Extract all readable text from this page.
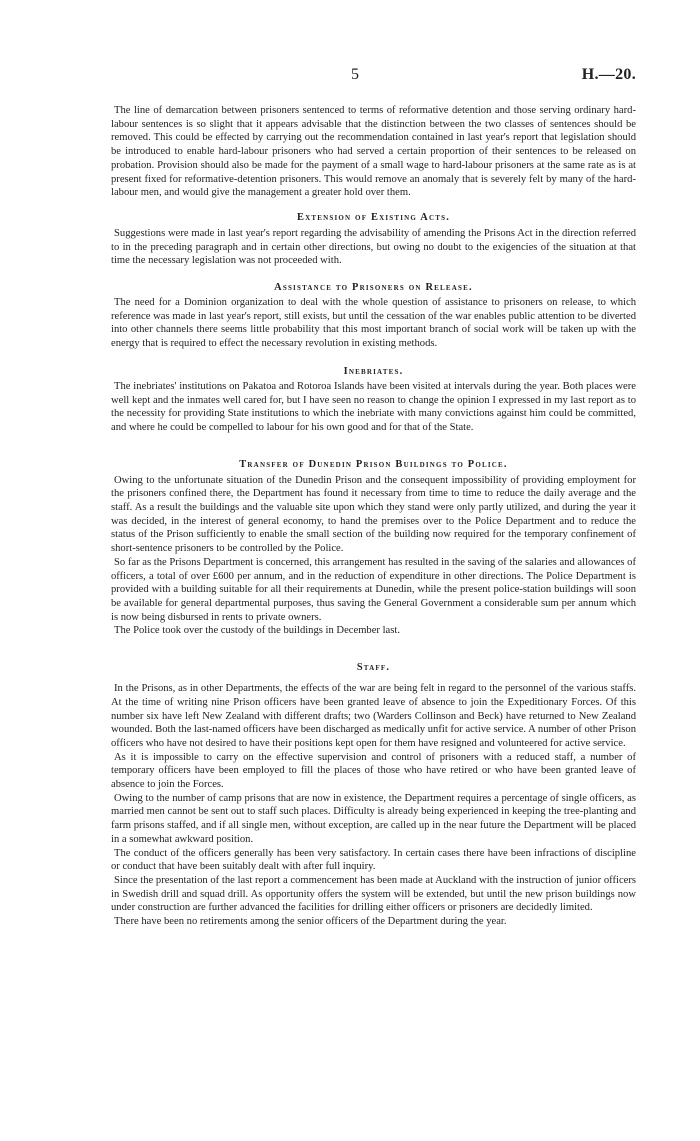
5	H.—20.

The line of demarcation between prisoners sentenced to terms of reformative detention and those serving ordinary hard-labour sentences is so slight that it appears advisable that the distinction between the two classes of sentences should be removed. This could be effected by carrying out the recommendation contained in last year's report that legislation should be introduced to enable hard-labour prisoners who had served a certain proportion of their sentences to be released on probation. Provision should also be made for the payment of a small wage to hard-labour prisoners at the same rate as is at present fixed for reformative-detention prisoners. This would remove an anomaly that is severely felt by many of the hard-labour men, and would give the management a greater hold over them.

Extension of Existing Acts.

Suggestions were made in last year's report regarding the advisability of amending the Prisons Act in the direction referred to in the preceding paragraph and in certain other directions, but owing no doubt to the exigencies of the situation at that time the necessary legislation was not proceeded with.

Assistance to Prisoners on Release.

The need for a Dominion organization to deal with the whole question of assistance to prisoners on release, to which reference was made in last year's report, still exists, but until the cessation of the war enables public attention to be diverted into other channels there seems little probability that this most important branch of social work will be taken up with the energy that is required to effect the necessary revolution in existing methods.

Inebriates.

The inebriates' institutions on Pakatoa and Rotoroa Islands have been visited at intervals during the year. Both places were well kept and the inmates well cared for, but I have seen no reason to change the opinion I expressed in my last report as to the necessity for providing State institutions to which the inebriate with many convictions against him could be committed, and where he could be compelled to labour for his own good and for that of the State.

Transfer of Dunedin Prison Buildings to Police.

Owing to the unfortunate situation of the Dunedin Prison and the consequent impossibility of providing employment for the prisoners confined there, the Department has found it necessary from time to time to reduce the daily average and the staff. As a result the buildings and the valuable site upon which they stand were only partly utilized, and during the year it was decided, in the interest of general economy, to hand the premises over to the Police Department and to reduce the status of the Prison sufficiently to enable the small section of the building now required for the temporary confinement of short-sentence prisoners to be controlled by the Police.

So far as the Prisons Department is concerned, this arrangement has resulted in the saving of the salaries and allowances of officers, a total of over £600 per annum, and in the reduction of expenditure in other directions. The Police Department is provided with a building suitable for all their requirements at Dunedin, while the present police-station buildings will soon be available for general departmental purposes, thus saving the General Government a considerable sum per annum which is now being disbursed in rents to private owners.

The Police took over the custody of the buildings in December last.

Staff.

In the Prisons, as in other Departments, the effects of the war are being felt in regard to the personnel of the various staffs. At the time of writing nine Prison officers have been granted leave of absence to join the Expeditionary Forces. Of this number six have left New Zealand with different drafts; two (Warders Collinson and Beck) have returned to New Zealand wounded. Both the last-named officers have been discharged as medically unfit for active service. A number of other Prison officers who have not desired to have their positions kept open for them have resigned and volunteered for active service.

As it is impossible to carry on the effective supervision and control of prisoners with a reduced staff, a number of temporary officers have been employed to fill the places of those who have retired or who have been granted leave of absence to join the Forces.

Owing to the number of camp prisons that are now in existence, the Department requires a percentage of single officers, as married men cannot be sent out to staff such places. Difficulty is already being experienced in keeping the tree-planting and farm prisons staffed, and if all single men, without exception, are called up in the near future the Department will be placed in a somewhat awkward position.

The conduct of the officers generally has been very satisfactory. In certain cases there have been infractions of discipline or conduct that have been suitably dealt with after full inquiry.

Since the presentation of the last report a commencement has been made at Auckland with the instruction of junior officers in Swedish drill and squad drill. As opportunity offers the system will be extended, but until the new prison buildings now under construction are further advanced the facilities for drilling either officers or prisoners are decidedly limited.

There have been no retirements among the senior officers of the Department during the year.
